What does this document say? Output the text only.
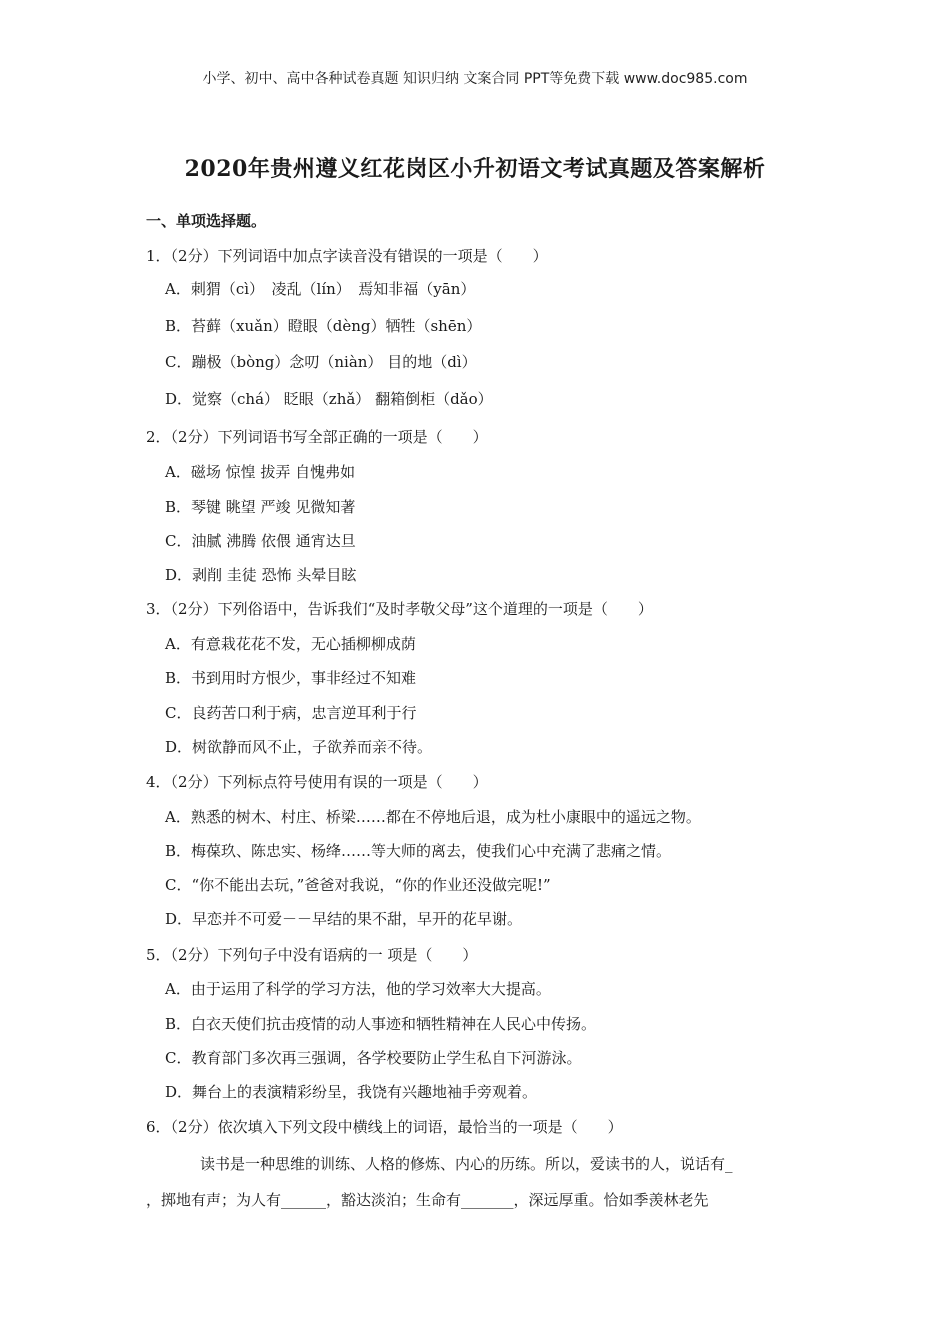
小学、初中、高中各种试卷真题 知识归纳 文案合同 PPT等免费下载 www.doc985.com
2020年贵州遵义红花岗区小升初语文考试真题及答案解析
一、单项选择题。
1．（2分）下列词语中加点字读音没有错误的一项是（　　）
A．刺猬（cì）　凌乱（lín）　焉知非福（yān）
B．苔藓（xuǎn）瞪眼（dèng）牺牲（shēn）
C．蹦极（bòng）念叨（niàn） 目的地（dì）
D．觉察（chá） 眨眼（zhǎ） 翻箱倒柜（dǎo）
2．（2分）下列词语书写全部正确的一项是（　　）
A．磁场 惊惶 拔弄 自愧弗如
B．琴键 眺望 严竣 见微知著
C．油腻 沸腾 依偎 通宵达旦
D．剥削 圭徒 恐怖 头晕目眩
3．（2分）下列俗语中，告诉我们“及时孝敬父母”这个道理的一项是（　　）
A．有意栽花花不发，无心插柳柳成荫
B．书到用时方恨少，事非经过不知难
C．良药苦口利于病，忠言逆耳利于行
D．树欲静而风不止，子欲养而亲不待。
4．（2分）下列标点符号使用有误的一项是（　　）
A．熟悉的树木、村庄、桥梁……都在不停地后退，成为杜小康眼中的遥远之物。
B．梅葆玖、陈忠实、杨绛……等大师的离去，使我们心中充满了悲痛之情。
C．“你不能出去玩，”爸爸对我说，“你的作业还没做完呢!”
D．早恋并不可爱－－早结的果不甜，早开的花早谢。
5．（2分）下列句子中没有语病的一 项是（　　）
A．由于运用了科学的学习方法，他的学习效率大大提高。
B．白衣天使们抗击疫情的动人事迹和牺牲精神在人民心中传扬。
C．教育部门多次再三强调，各学校要防止学生私自下河游泳。
D．舞台上的表演精彩纷呈，我饶有兴趣地袖手旁观着。
6．（2分）依次填入下列文段中横线上的词语，最恰当的一项是（　　）
读书是一种思维的训练、人格的修炼、内心的历练。所以，爱读书的人，说话有_
，掷地有声；为人有______，豁达淡泊；生命有_______，深远厚重。恰如季羡林老先
